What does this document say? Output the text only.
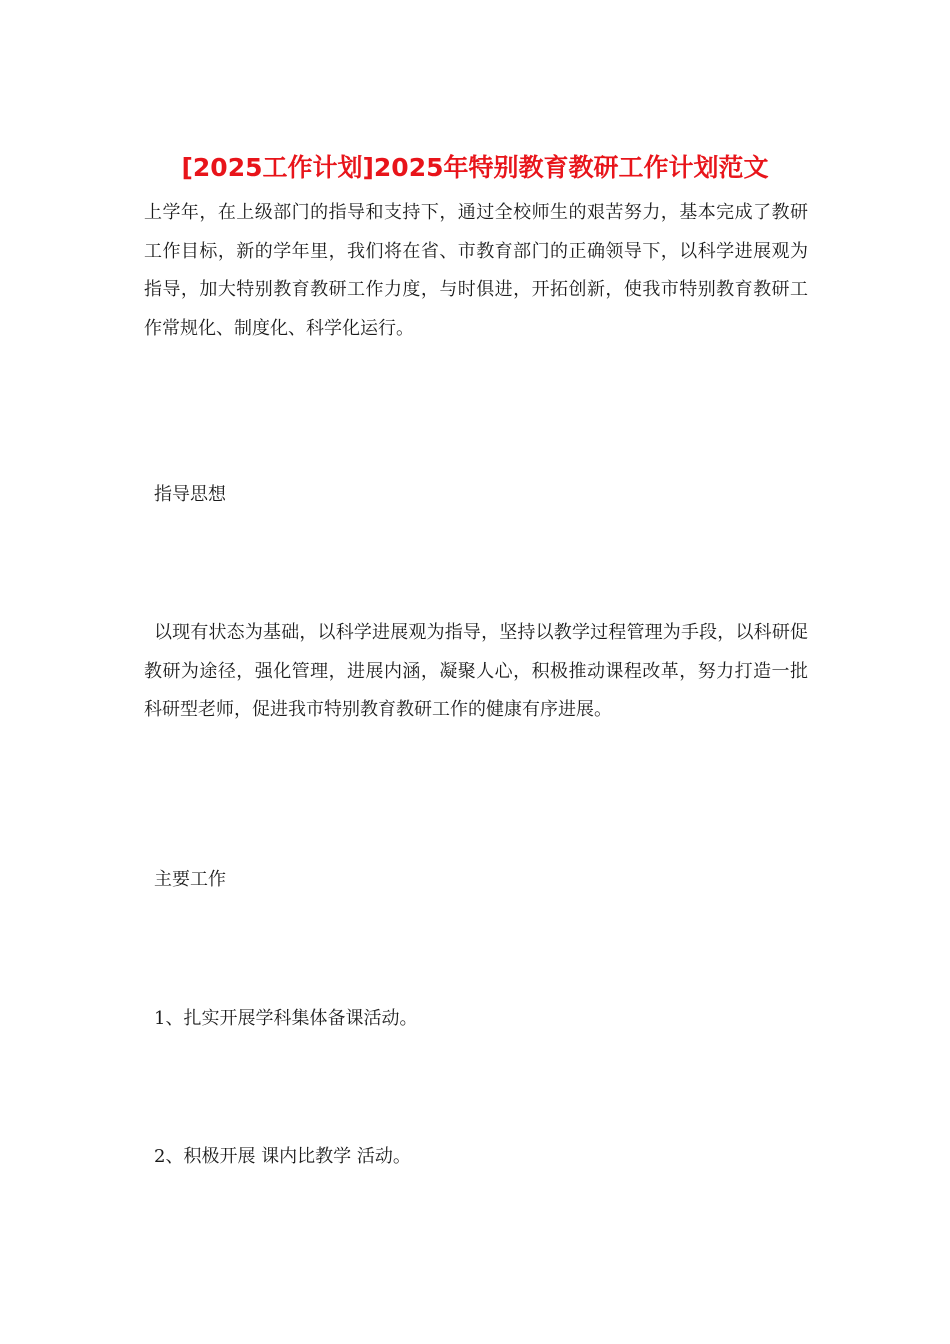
[2025工作计划]2025年特别教育教研工作计划范文

上学年，在上级部门的指导和支持下，通过全校师生的艰苦努力，基本完成了教研工作目标，新的学年里，我们将在省、市教育部门的正确领导下，以科学进展观为指导，加大特别教育教研工作力度，与时俱进，开拓创新，使我市特别教育教研工作常规化、制度化、科学化运行。

指导思想

以现有状态为基础，以科学进展观为指导，坚持以教学过程管理为手段，以科研促教研为途径，强化管理，进展内涵，凝聚人心，积极推动课程改革，努力打造一批科研型老师，促进我市特别教育教研工作的健康有序进展。

主要工作

1、扎实开展学科集体备课活动。

2、积极开展 课内比教学 活动。
